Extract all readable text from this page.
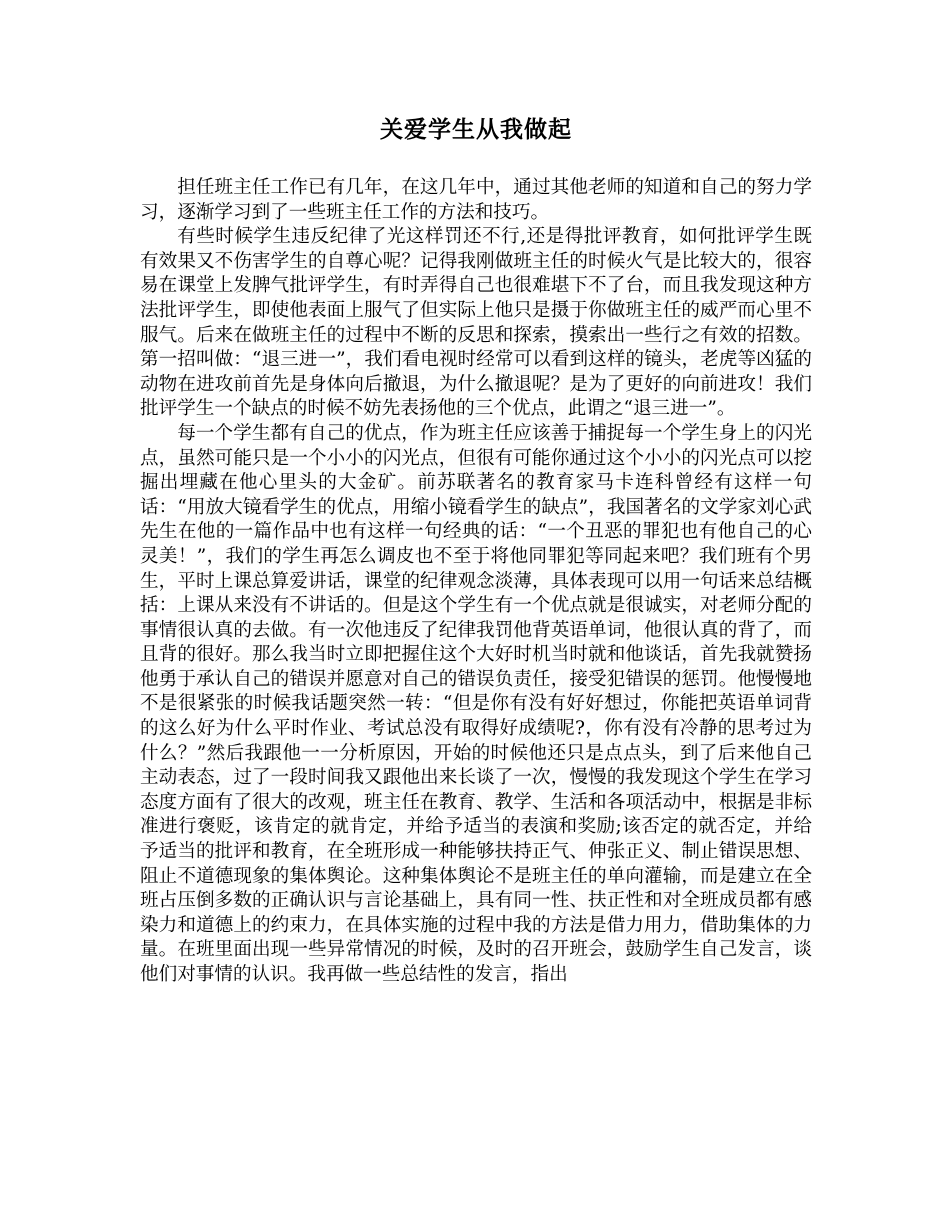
关爱学生从我做起

担任班主任工作已有几年，在这几年中，通过其他老师的知道和自己的努力学习，逐渐学习到了一些班主任工作的方法和技巧。

有些时候学生违反纪律了光这样罚还不行,还是得批评教育，如何批评学生既有效果又不伤害学生的自尊心呢？记得我刚做班主任的时候火气是比较大的，很容易在课堂上发脾气批评学生，有时弄得自己也很难堪下不了台，而且我发现这种方法批评学生，即使他表面上服气了但实际上他只是摄于你做班主任的威严而心里不服气。后来在做班主任的过程中不断的反思和探索，摸索出一些行之有效的招数。第一招叫做：“退三进一”，我们看电视时经常可以看到这样的镜头，老虎等凶猛的动物在进攻前首先是身体向后撤退，为什么撤退呢？是为了更好的向前进攻！我们批评学生一个缺点的时候不妨先表扬他的三个优点，此谓之“退三进一”。

每一个学生都有自己的优点，作为班主任应该善于捕捉每一个学生身上的闪光点，虽然可能只是一个小小的闪光点，但很有可能你通过这个小小的闪光点可以挖掘出埋藏在他心里头的大金矿。前苏联著名的教育家马卡连科曾经有这样一句话：“用放大镜看学生的优点，用缩小镜看学生的缺点”，我国著名的文学家刘心武先生在他的一篇作品中也有这样一句经典的话：“一个丑恶的罪犯也有他自己的心灵美！”，我们的学生再怎么调皮也不至于将他同罪犯等同起来吧？我们班有个男生，平时上课总算爱讲话，课堂的纪律观念淡薄，具体表现可以用一句话来总结概括：上课从来没有不讲话的。但是这个学生有一个优点就是很诚实，对老师分配的事情很认真的去做。有一次他违反了纪律我罚他背英语单词，他很认真的背了，而且背的很好。那么我当时立即把握住这个大好时机当时就和他谈话，首先我就赞扬他勇于承认自己的错误并愿意对自己的错误负责任，接受犯错误的惩罚。他慢慢地不是很紧张的时候我话题突然一转：“但是你有没有好好想过，你能把英语单词背的这么好为什么平时作业、考试总没有取得好成绩呢?，你有没有冷静的思考过为什么？”然后我跟他一一分析原因，开始的时候他还只是点点头，到了后来他自己主动表态，过了一段时间我又跟他出来长谈了一次，慢慢的我发现这个学生在学习态度方面有了很大的改观，班主任在教育、教学、生活和各项活动中，根据是非标准进行褒贬，该肯定的就肯定，并给予适当的表演和奖励;该否定的就否定，并给予适当的批评和教育，在全班形成一种能够扶持正气、伸张正义、制止错误思想、阻止不道德现象的集体舆论。这种集体舆论不是班主任的单向灌输，而是建立在全班占压倒多数的正确认识与言论基础上，具有同一性、扶正性和对全班成员都有感染力和道德上的约束力，在具体实施的过程中我的方法是借力用力，借助集体的力量。在班里面出现一些异常情况的时候，及时的召开班会，鼓励学生自己发言，谈他们对事情的认识。我再做一些总结性的发言，指出
